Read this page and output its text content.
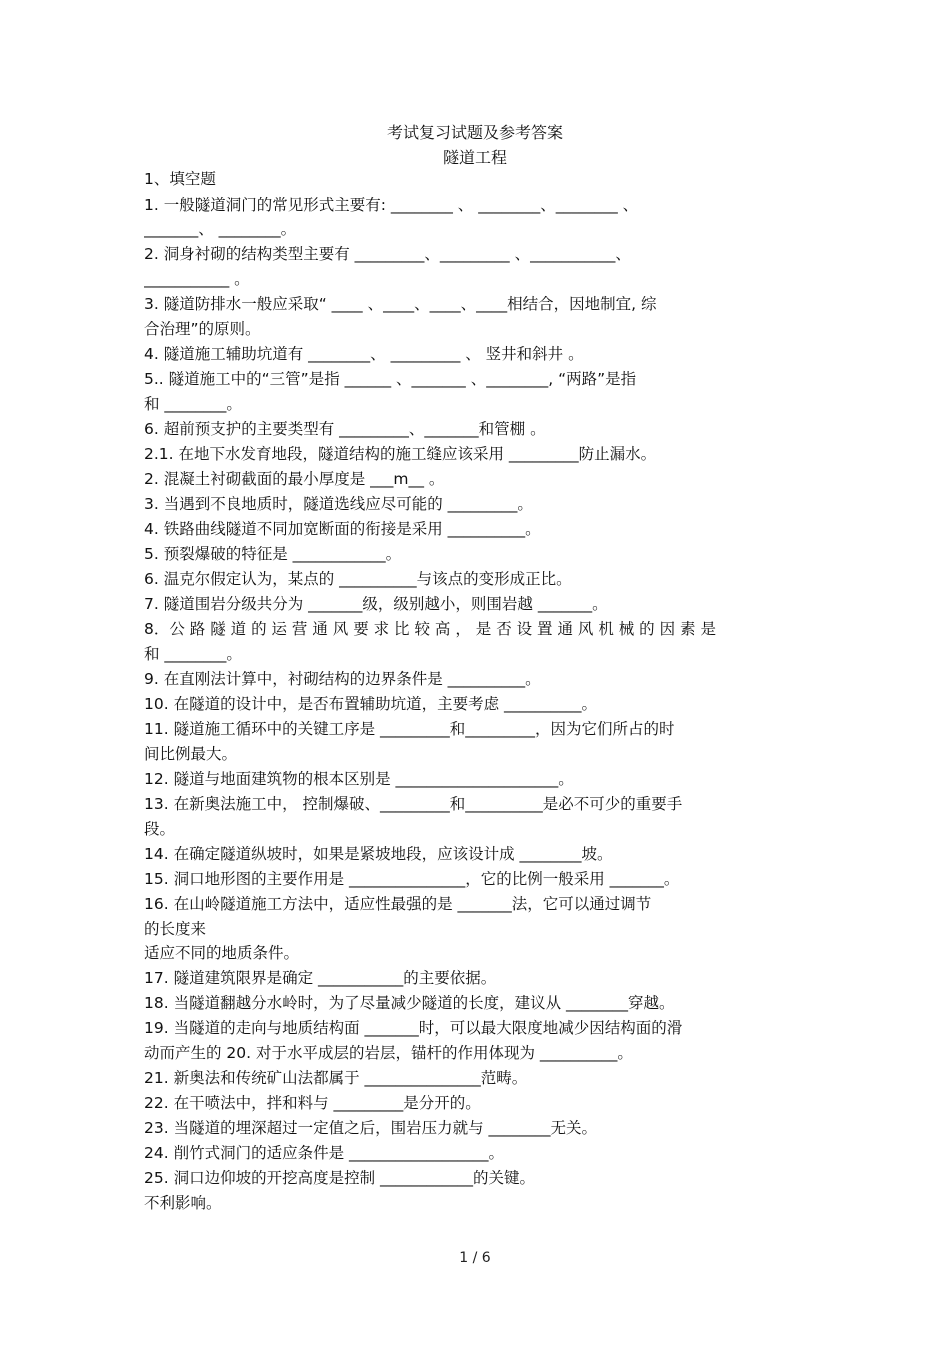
考试复习试题及参考答案
隧道工程
1、填空题
1. 一般隧道洞门的常见形式主要有: ________ 、 ________、________ 、
_______、 ________。
2. 洞身衬砌的结构类型主要有 _________、_________ 、___________、
___________ 。
3. 隧道防排水一般应采取“ ____ 、____、____、____相结合，因地制宜, 综
合治理”的原则。
4. 隧道施工辅助坑道有 ________、 _________ 、 竖井和斜井 。
5.. 隧道施工中的“三管”是指 ______ 、_______ 、________, “两路”是指
和 ________。
6. 超前预支护的主要类型有 _________、_______和管棚 。
2.1. 在地下水发育地段，隧道结构的施工缝应该采用 _________防止漏水。
2. 混凝土衬砌截面的最小厚度是 ___m__ 。
3. 当遇到不良地质时，隧道选线应尽可能的 _________。
4. 铁路曲线隧道不同加宽断面的衔接是采用 __________。
5. 预裂爆破的特征是 ____________。
6. 温克尔假定认为，某点的 __________与该点的变形成正比。
7. 隧道围岩分级共分为 _______级，级别越小，则围岩越 _______。
8．公 路 隧 道 的 运 营 通 风 要 求 比 较 高 ， 是 否 设 置 通 风 机 械 的 因 素 是
和 ________。
9. 在直刚法计算中，衬砌结构的边界条件是 __________。
10. 在隧道的设计中，是否布置辅助坑道，主要考虑 __________。
11. 隧道施工循环中的关键工序是 _________和_________，因为它们所占的时
间比例最大。
12. 隧道与地面建筑物的根本区别是 _____________________。
13. 在新奥法施工中， 控制爆破、_________和__________是必不可少的重要手
段。
14. 在确定隧道纵坡时，如果是紧坡地段，应该设计成 ________坡。
15. 洞口地形图的主要作用是 _______________，它的比例一般采用 _______。
16. 在山岭隧道施工方法中，适应性最强的是 _______法，它可以通过调节
的长度来
适应不同的地质条件。
17. 隧道建筑限界是确定 ___________的主要依据。
18. 当隧道翻越分水岭时，为了尽量减少隧道的长度，建议从 ________穿越。
19. 当隧道的走向与地质结构面 _______时，可以最大限度地减少因结构面的滑
动而产生的 20. 对于水平成层的岩层，锚杆的作用体现为 __________。
21. 新奥法和传统矿山法都属于 _______________范畴。
22. 在干喷法中，拌和料与 _________是分开的。
23. 当隧道的埋深超过一定值之后，围岩压力就与 ________无关。
24. 削竹式洞门的适应条件是 __________________。
25. 洞口边仰坡的开挖高度是控制 ____________的关键。
不利影响。
1 / 6
